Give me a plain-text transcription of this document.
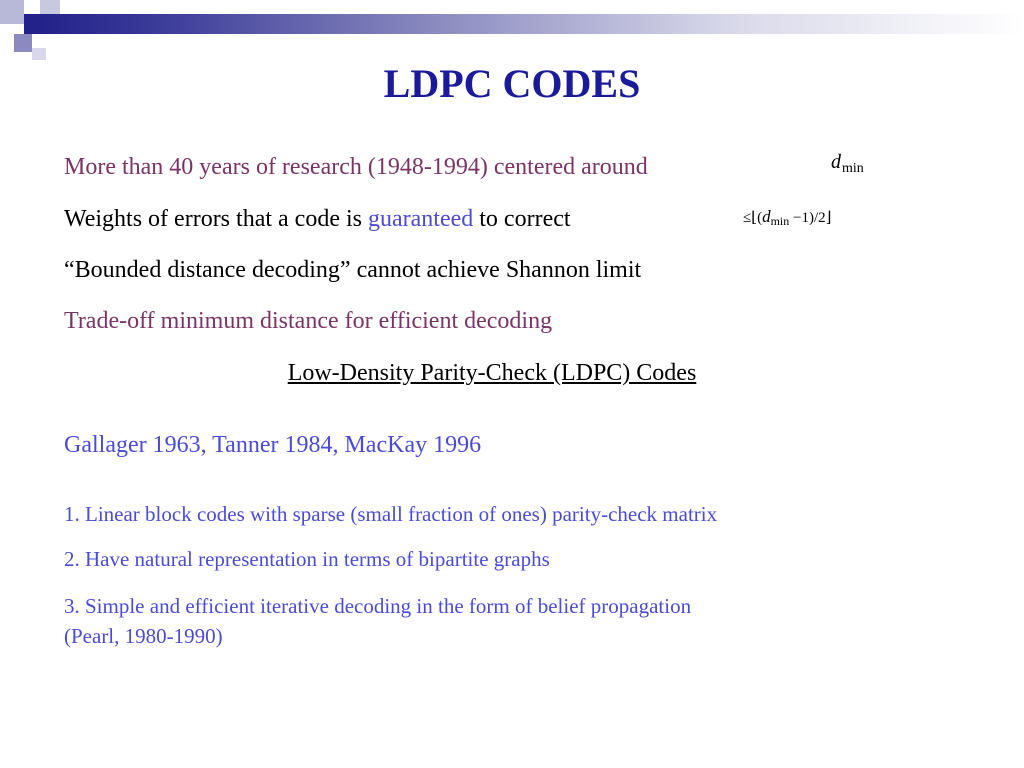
LDPC CODES
More than 40 years of research (1948-1994) centered around	$d_{min}$
Weights of errors that a code is guaranteed to correct	$\le⌊(d_{min}$ −1)/2⌋
“Bounded distance decoding” cannot achieve Shannon limit
Trade-off minimum distance for efficient decoding
Low-Density Parity-Check (LDPC) Codes
Gallager 1963, Tanner 1984, MacKay 1996
1. Linear block codes with sparse (small fraction of ones) parity-check matrix
2. Have natural representation in terms of bipartite graphs
3. Simple and efficient iterative decoding in the form of belief propagation
(Pearl, 1980-1990)
